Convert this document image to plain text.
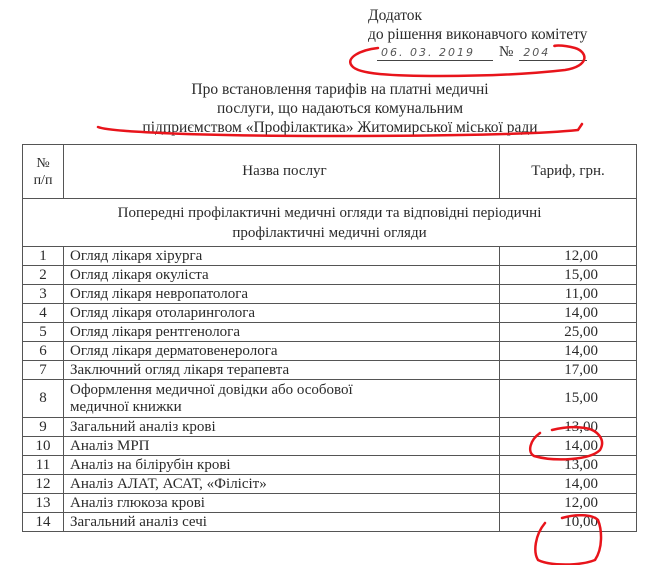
Додаток
до рішення виконавчого комітету
06. 03. 2019	№ 204
Про встановлення тарифів на платні медичні
послуги, що надаються комунальним
підприємством «Профілактика» Житомирської міської ради
№
п/п	Назва послуг	Тариф, грн.

Попередні профілактичні медичні огляди та відповідні періодичні
профілактичні медичні огляди		

1	Огляд лікаря хірурга	12,00
2	Огляд лікаря окуліста	15,00
3	Огляд лікаря невропатолога	11,00
4	Огляд лікаря отоларинголога	14,00
5	Огляд лікаря рентгенолога	25,00
6	Огляд лікаря дерматовенеролога	14,00
7	Заключний огляд лікаря терапевта	17,00
8	Оформлення медичної довідки або особової
медичної книжки	15,00
9	Загальний аналіз крові	13,00
10	Аналіз МРП	14,00
11	Аналіз на білірубін крові	13,00
12	Аналіз АЛАТ, АСАТ, «Філісіт»	14,00
13	Аналіз глюкоза крові	12,00
14	Загальний аналіз сечі	10,00
